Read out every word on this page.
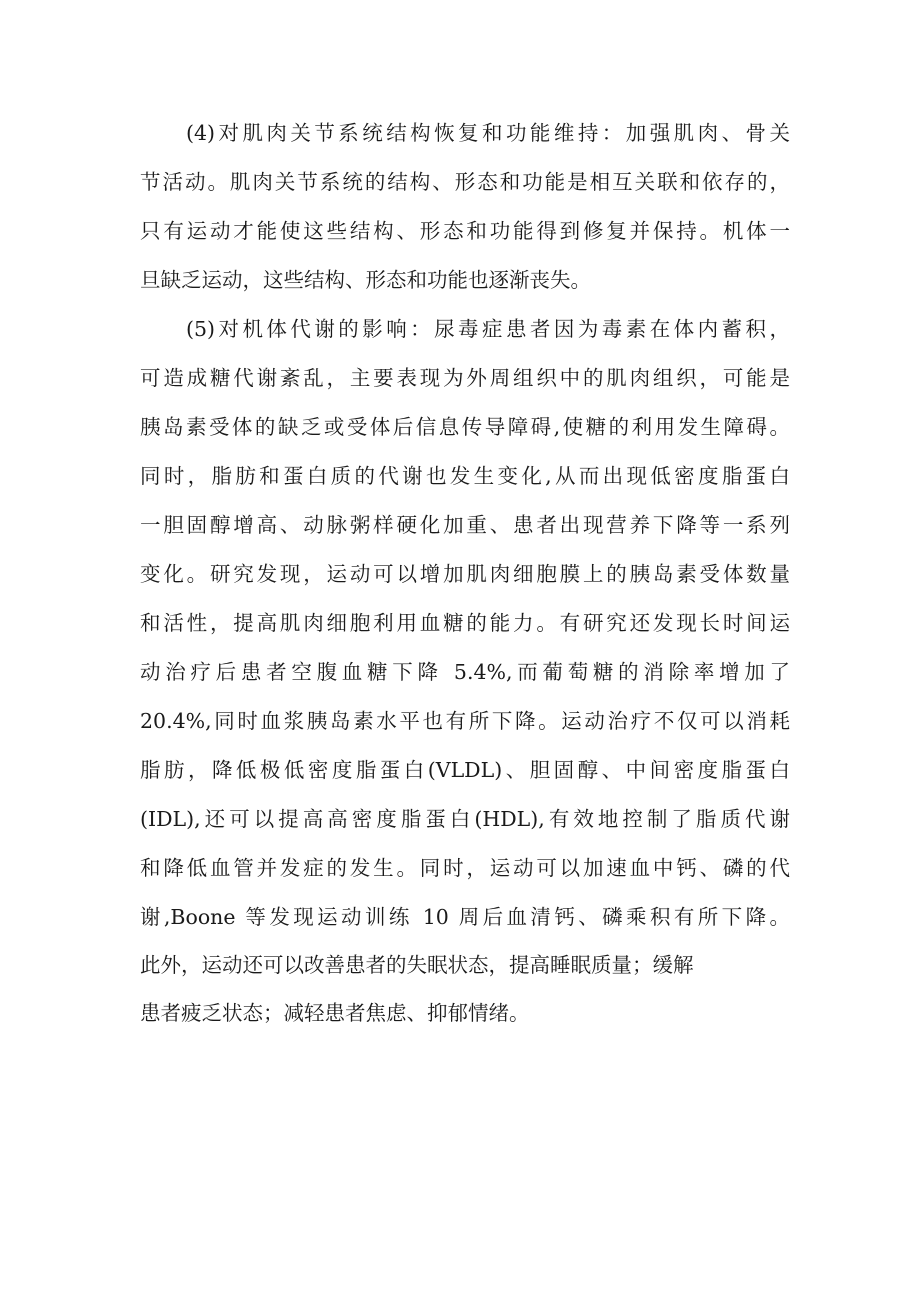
(4)对肌肉关节系统结构恢复和功能维持：加强肌肉、骨关
节活动。肌肉关节系统的结构、形态和功能是相互关联和依存的，
只有运动才能使这些结构、形态和功能得到修复并保持。机体一
旦缺乏运动，这些结构、形态和功能也逐渐丧失。
(5)对机体代谢的影响：尿毒症患者因为毒素在体内蓄积，
可造成糖代谢紊乱，主要表现为外周组织中的肌肉组织，可能是
胰岛素受体的缺乏或受体后信息传导障碍,使糖的利用发生障碍。
同时，脂肪和蛋白质的代谢也发生变化,从而出现低密度脂蛋白
一胆固醇增高、动脉粥样硬化加重、患者出现营养下降等一系列
变化。研究发现，运动可以增加肌肉细胞膜上的胰岛素受体数量
和活性，提高肌肉细胞利用血糖的能力。有研究还发现长时间运
动治疗后患者空腹血糖下降 5.4%,而葡萄糖的消除率增加了
20.4%,同时血浆胰岛素水平也有所下降。运动治疗不仅可以消耗
脂肪，降低极低密度脂蛋白(VLDL)、胆固醇、中间密度脂蛋白
(IDL),还可以提高高密度脂蛋白(HDL),有效地控制了脂质代谢
和降低血管并发症的发生。同时，运动可以加速血中钙、磷的代
谢,Boone 等发现运动训练 10 周后血清钙、磷乘积有所下降。
此外，运动还可以改善患者的失眠状态，提高睡眠质量；缓解
患者疲乏状态；减轻患者焦虑、抑郁情绪。
